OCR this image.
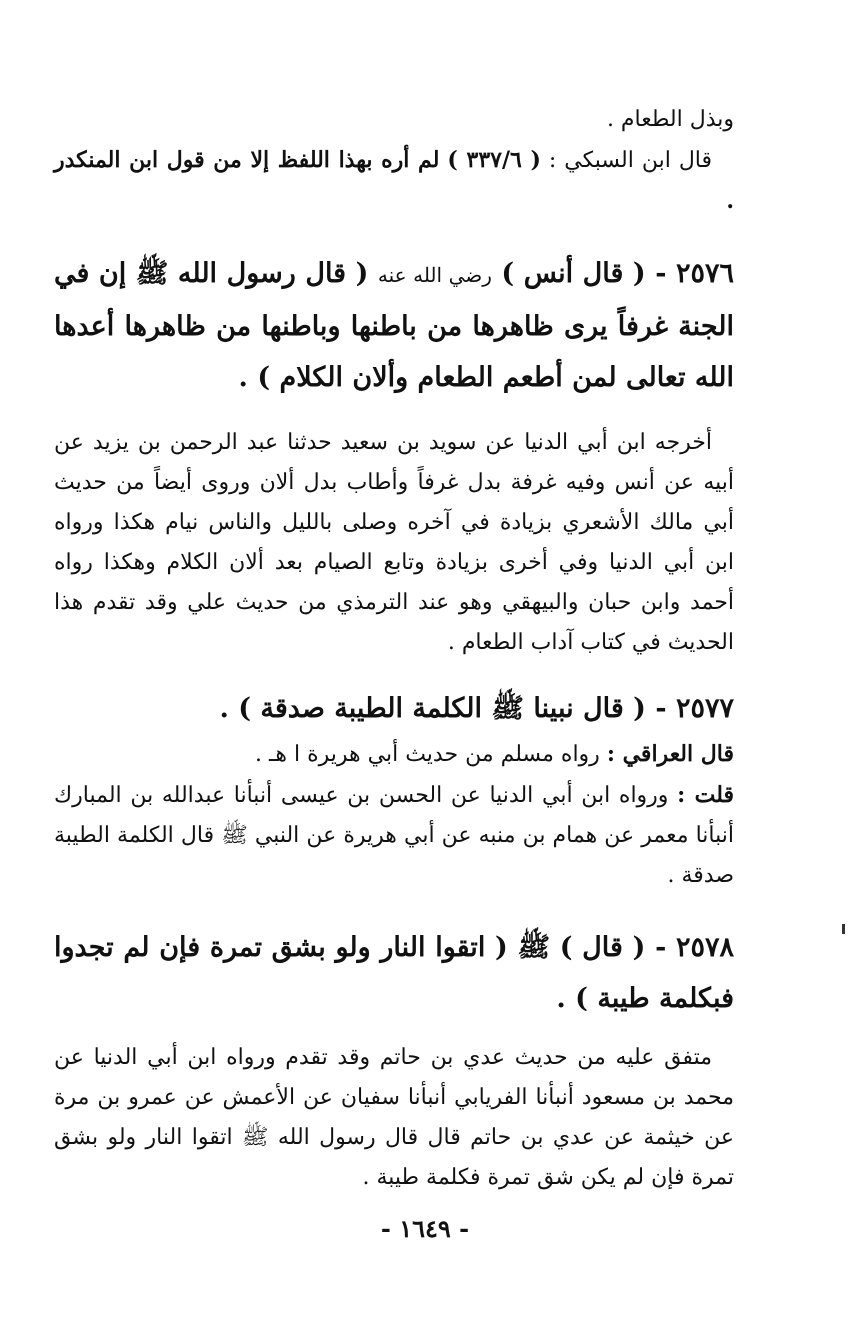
وبذل الطعام .

قال ابن السبكي : ( ٣٣٧/٦ ) لم أره بهذا اللفظ إلا من قول ابن المنكدر .

٢٥٧٦ - ( قال أنس ) رضي الله عنه ( قال رسول الله ﷺ إن في الجنة غرفاً يرى ظاهرها من باطنها وباطنها من ظاهرها أعدها الله تعالى لمن أطعم الطعام وألان الكلام ) .

أخرجه ابن أبي الدنيا عن سويد بن سعيد حدثنا عبد الرحمن بن يزيد عن أبيه عن أنس وفيه غرفة بدل غرفاً وأطاب بدل ألان وروى أيضاً من حديث أبي مالك الأشعري بزيادة في آخره وصلى بالليل والناس نيام هكذا ورواه ابن أبي الدنيا وفي أخرى بزيادة وتابع الصيام بعد ألان الكلام وهكذا رواه أحمد وابن حبان والبيهقي وهو عند الترمذي من حديث علي وقد تقدم هذا الحديث في كتاب آداب الطعام .

٢٥٧٧ - ( قال نبينا ﷺ الكلمة الطيبة صدقة ) .

قال العراقي : رواه مسلم من حديث أبي هريرة ا هـ .

قلت : ورواه ابن أبي الدنيا عن الحسن بن عيسى أنبأنا عبدالله بن المبارك أنبأنا معمر عن همام بن منبه عن أبي هريرة عن النبي ﷺ قال الكلمة الطيبة صدقة .

٢٥٧٨ - ( قال ) ﷺ ( اتقوا النار ولو بشق تمرة فإن لم تجدوا فبكلمة طيبة ) .

متفق عليه من حديث عدي بن حاتم وقد تقدم ورواه ابن أبي الدنيا عن محمد بن مسعود أنبأنا الفريابي أنبأنا سفيان عن الأعمش عن عمرو بن مرة عن خيثمة عن عدي بن حاتم قال قال رسول الله ﷺ اتقوا النار ولو بشق تمرة فإن لم يكن شق تمرة فكلمة طيبة .

- ١٦٤٩ -
